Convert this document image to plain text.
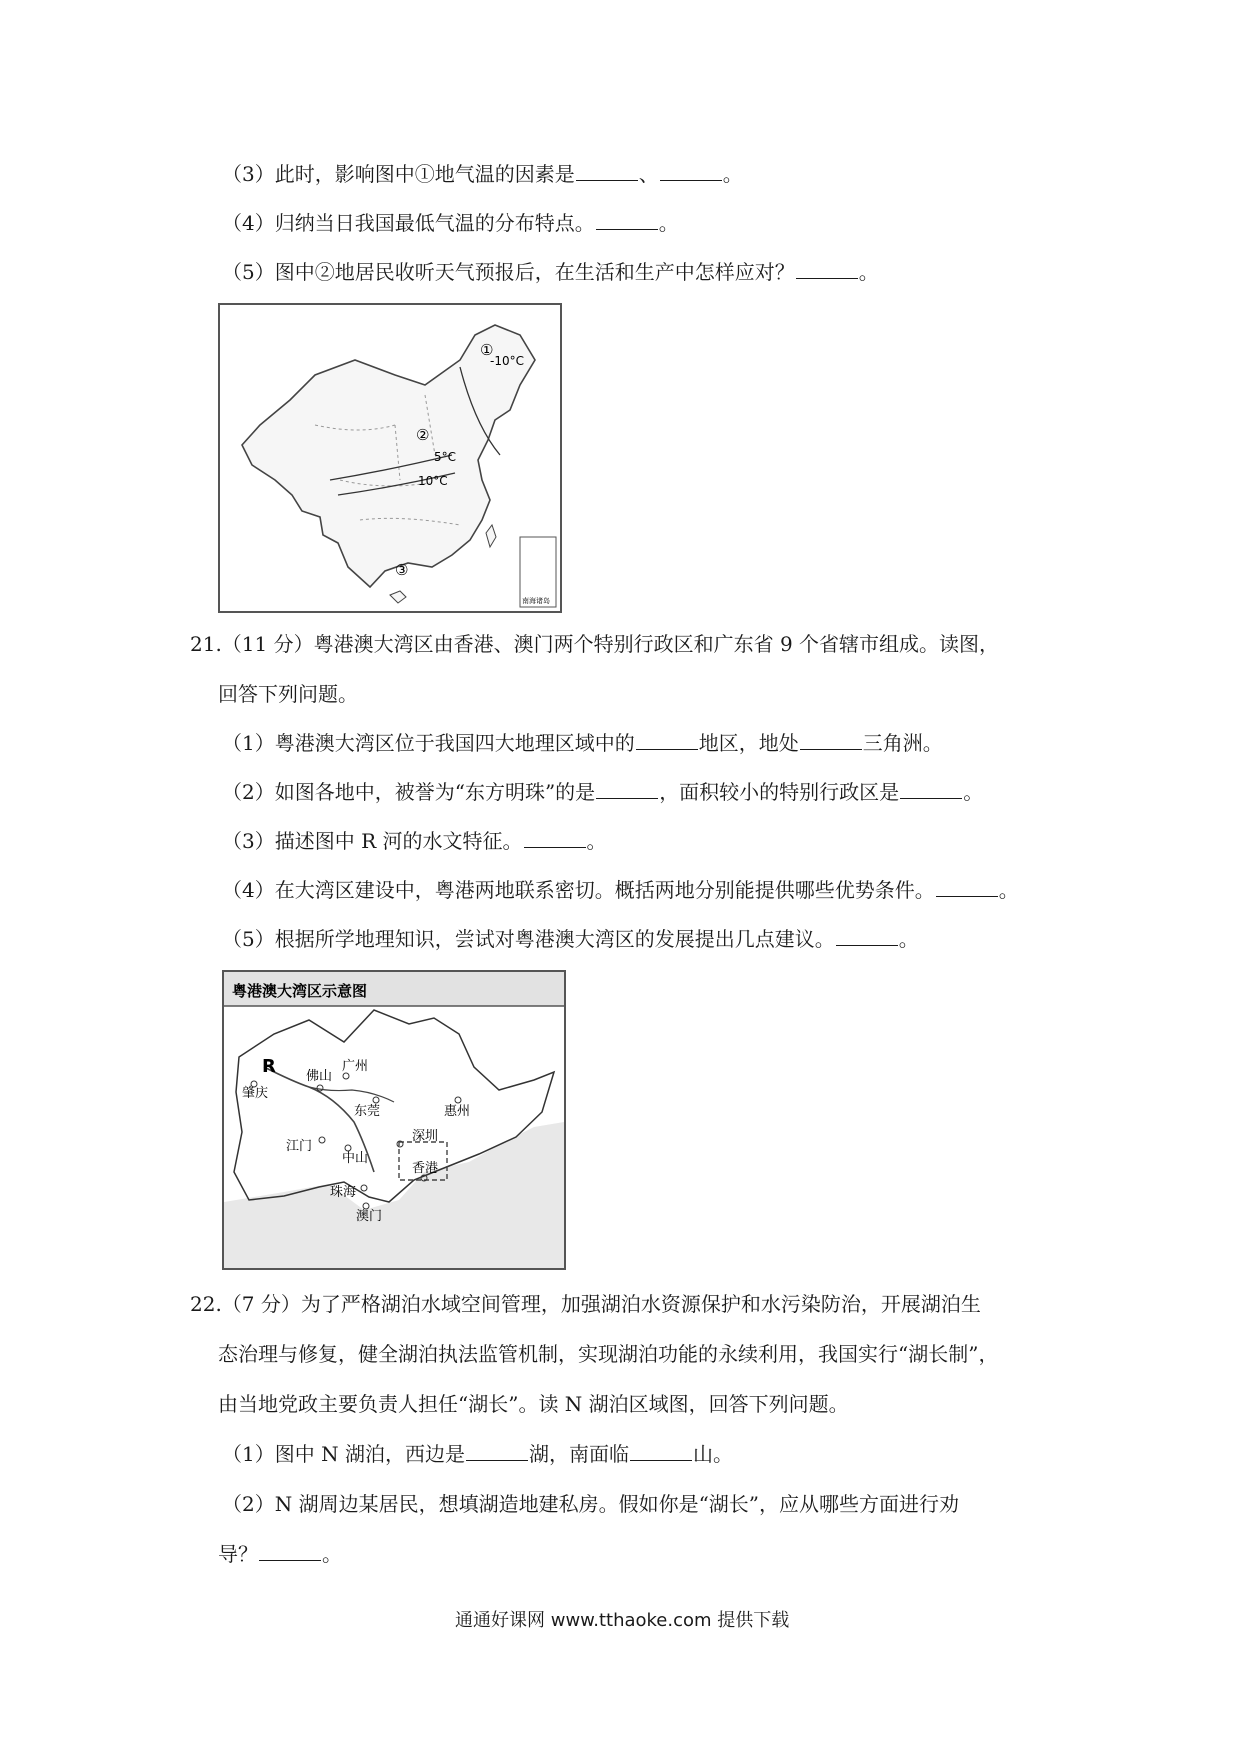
（3）此时，影响图中①地气温的因素是	、	。
（4）归纳当日我国最低气温的分布特点。	。
（5）图中②地居民收听天气预报后，在生活和生产中怎样应对？	。
①
-10°C
②
5°C
10°C
③
南海诸岛
21.（11 分）粤港澳大湾区由香港、澳门两个特别行政区和广东省 9 个省辖市组成。读图，
回答下列问题。
（1）粤港澳大湾区位于我国四大地理区域中的	地区，地处	三角洲。
（2）如图各地中，被誉为“东方明珠”的是	，面积较小的特别行政区是	。
（3）描述图中 R 河的水文特征。	。
（4）在大湾区建设中，粤港两地联系密切。概括两地分别能提供哪些优势条件。	。
（5）根据所学地理知识，尝试对粤港澳大湾区的发展提出几点建议。	。
粤港澳大湾区示意图
R
肇庆
佛山
广州
东莞	惠州
深圳
江门
中山
香港
珠海
澳门
22.（7 分）为了严格湖泊水域空间管理，加强湖泊水资源保护和水污染防治，开展湖泊生
态治理与修复，健全湖泊执法监管机制，实现湖泊功能的永续利用，我国实行“湖长制”，
由当地党政主要负责人担任“湖长”。读 N 湖泊区域图，回答下列问题。
（1）图中 N 湖泊，西边是	湖，南面临	山。
（2）N 湖周边某居民，想填湖造地建私房。假如你是“湖长”，应从哪些方面进行劝
导？	。
通通好课网 www.tthaoke.com 提供下载
